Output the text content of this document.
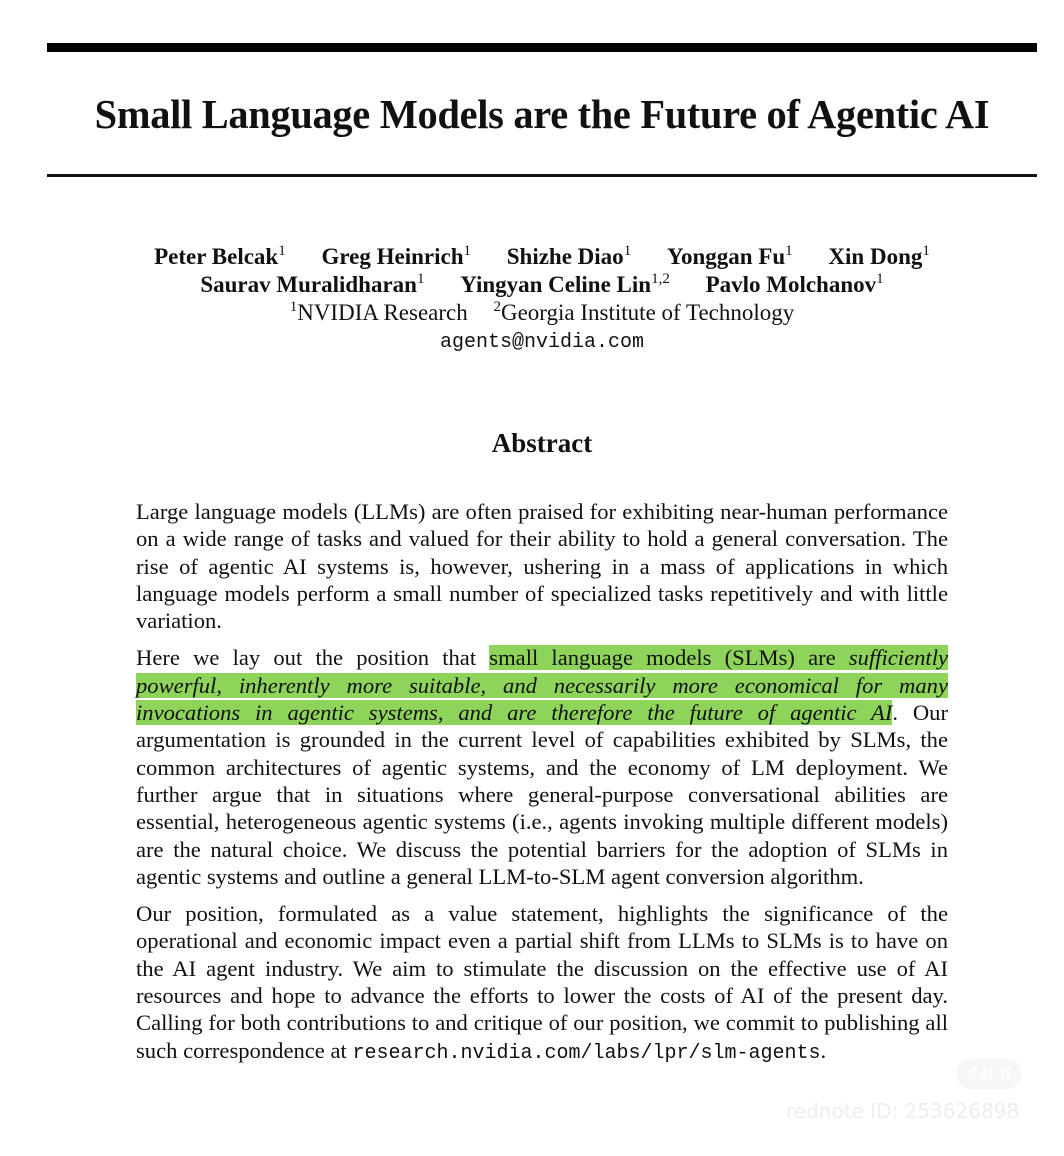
Small Language Models are the Future of Agentic AI
Peter Belcak$^1$ Greg Heinrich$^1$ Shizhe Diao$^1$ Yonggan Fu$^1$ Xin Dong$^1$
Saurav Muralidharan$^1$ Yingyan Celine Lin$^{1,2}$ Pavlo Molchanov$^1$
$^1$NVIDIA Research $^2$Georgia Institute of Technology
agents@nvidia.com
Abstract

Large language models (LLMs) are often praised for exhibiting near-human performance on a wide range of tasks and valued for their ability to hold a general conversation. The rise of agentic AI systems is, however, ushering in a mass of applications in which language models perform a small number of specialized tasks repetitively and with little variation.

Here we lay out the position that small language models (SLMs) are sufficiently powerful, inherently more suitable, and necessarily more economical for many invocations in agentic systems, and are therefore the future of agentic AI. Our argumentation is grounded in the current level of capabilities exhibited by SLMs, the common architectures of agentic systems, and the economy of LM deployment. We further argue that in situations where general-purpose conversational abilities are essential, heterogeneous agentic systems (i.e., agents invoking multiple different models) are the natural choice. We discuss the potential barriers for the adoption of SLMs in agentic systems and outline a general LLM-to-SLM agent conversion algorithm.

Our position, formulated as a value statement, highlights the significance of the operational and economic impact even a partial shift from LLMs to SLMs is to have on the AI agent industry. We aim to stimulate the discussion on the effective use of AI resources and hope to advance the efforts to lower the costs of AI of the present day. Calling for both contributions to and critique of our position, we commit to publishing all such correspondence at research.nvidia.com/labs/lpr/slm-agents.

小红书
rednote ID: 253626898
